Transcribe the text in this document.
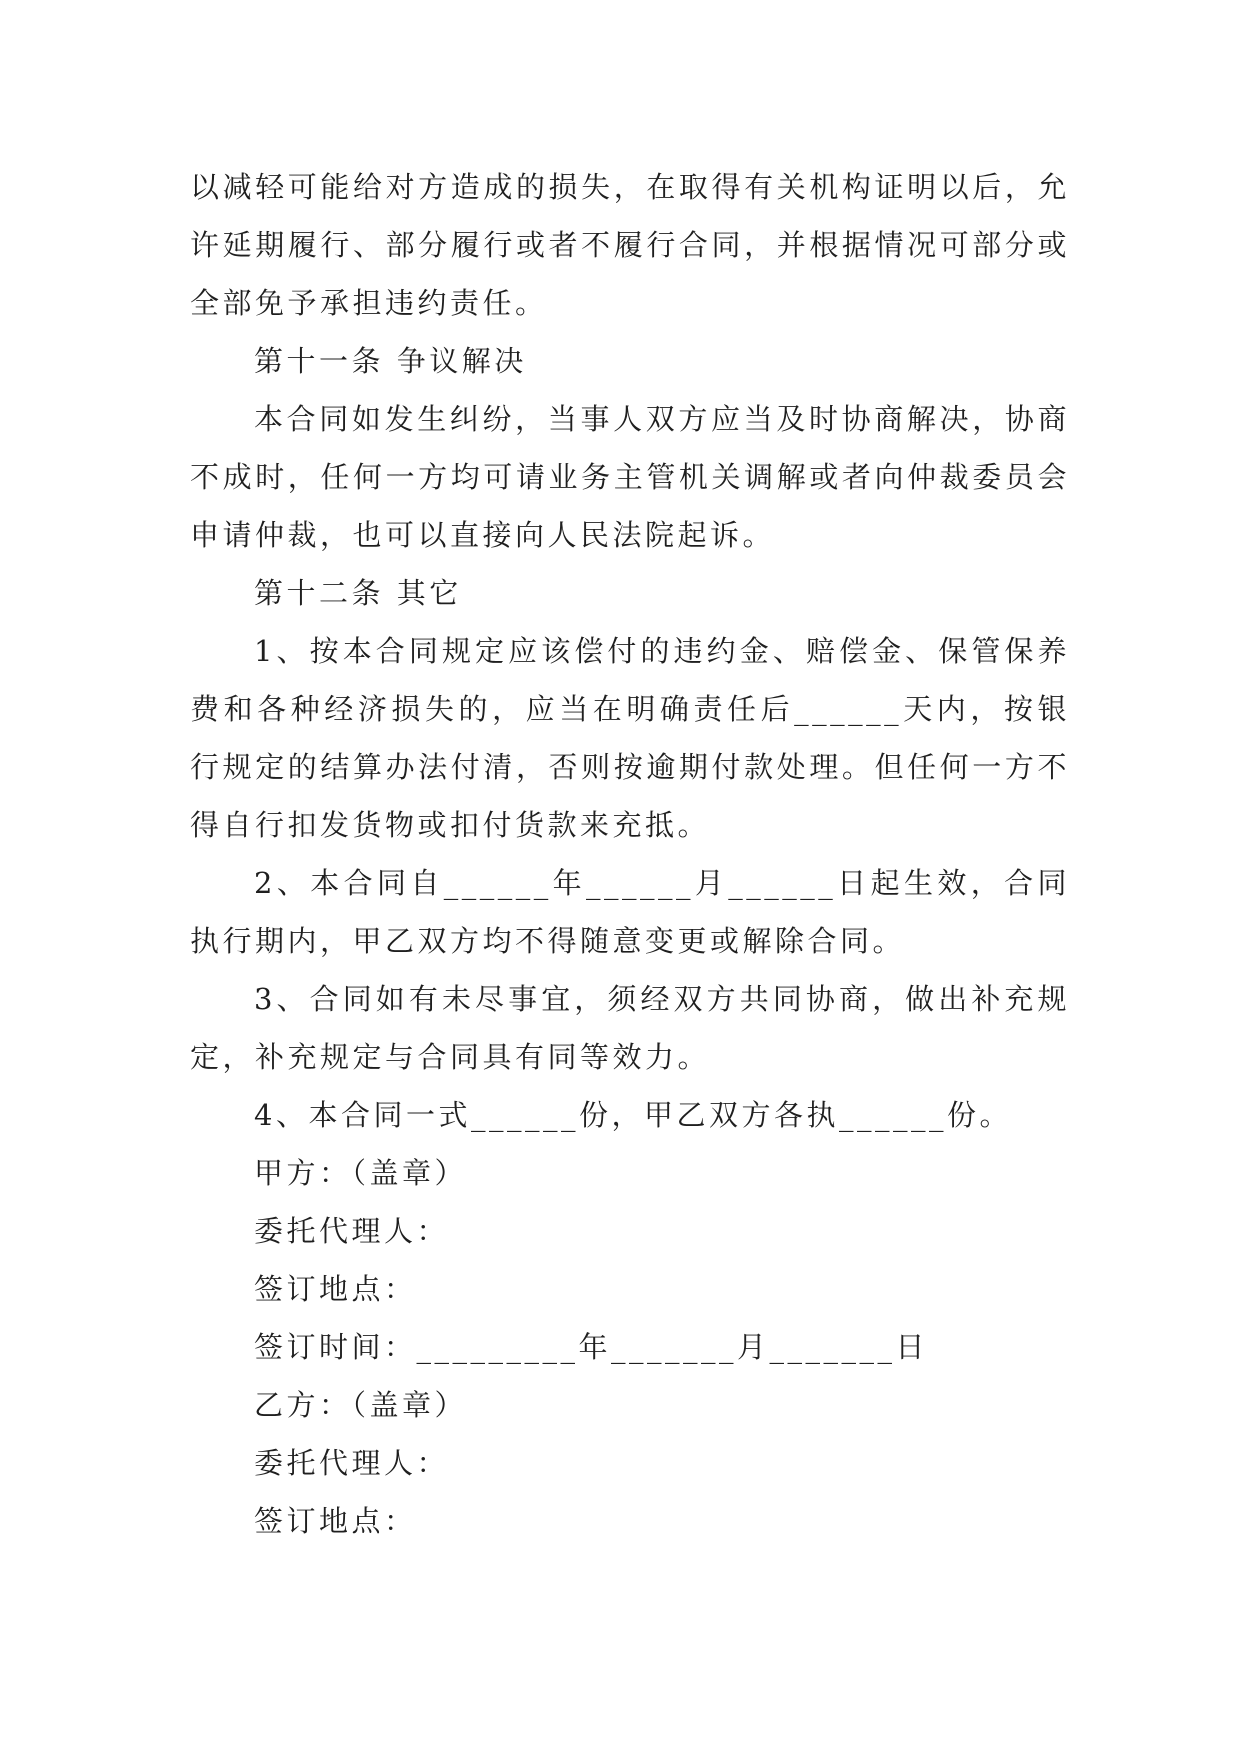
以减轻可能给对方造成的损失，在取得有关机构证明以后，允许延期履行、部分履行或者不履行合同，并根据情况可部分或全部免予承担违约责任。

第十一条 争议解决

本合同如发生纠纷，当事人双方应当及时协商解决，协商不成时，任何一方均可请业务主管机关调解或者向仲裁委员会申请仲裁，也可以直接向人民法院起诉。

第十二条 其它

1、按本合同规定应该偿付的违约金、赔偿金、保管保养费和各种经济损失的，应当在明确责任后______天内，按银行规定的结算办法付清，否则按逾期付款处理。但任何一方不得自行扣发货物或扣付货款来充抵。

2、本合同自______年______月______日起生效，合同执行期内，甲乙双方均不得随意变更或解除合同。

3、合同如有未尽事宜，须经双方共同协商，做出补充规定，补充规定与合同具有同等效力。

4、本合同一式______份，甲乙双方各执______份。

甲方：（盖章）

委托代理人：

签订地点：

签订时间：_________年_______月_______日

乙方：（盖章）

委托代理人：

签订地点：
